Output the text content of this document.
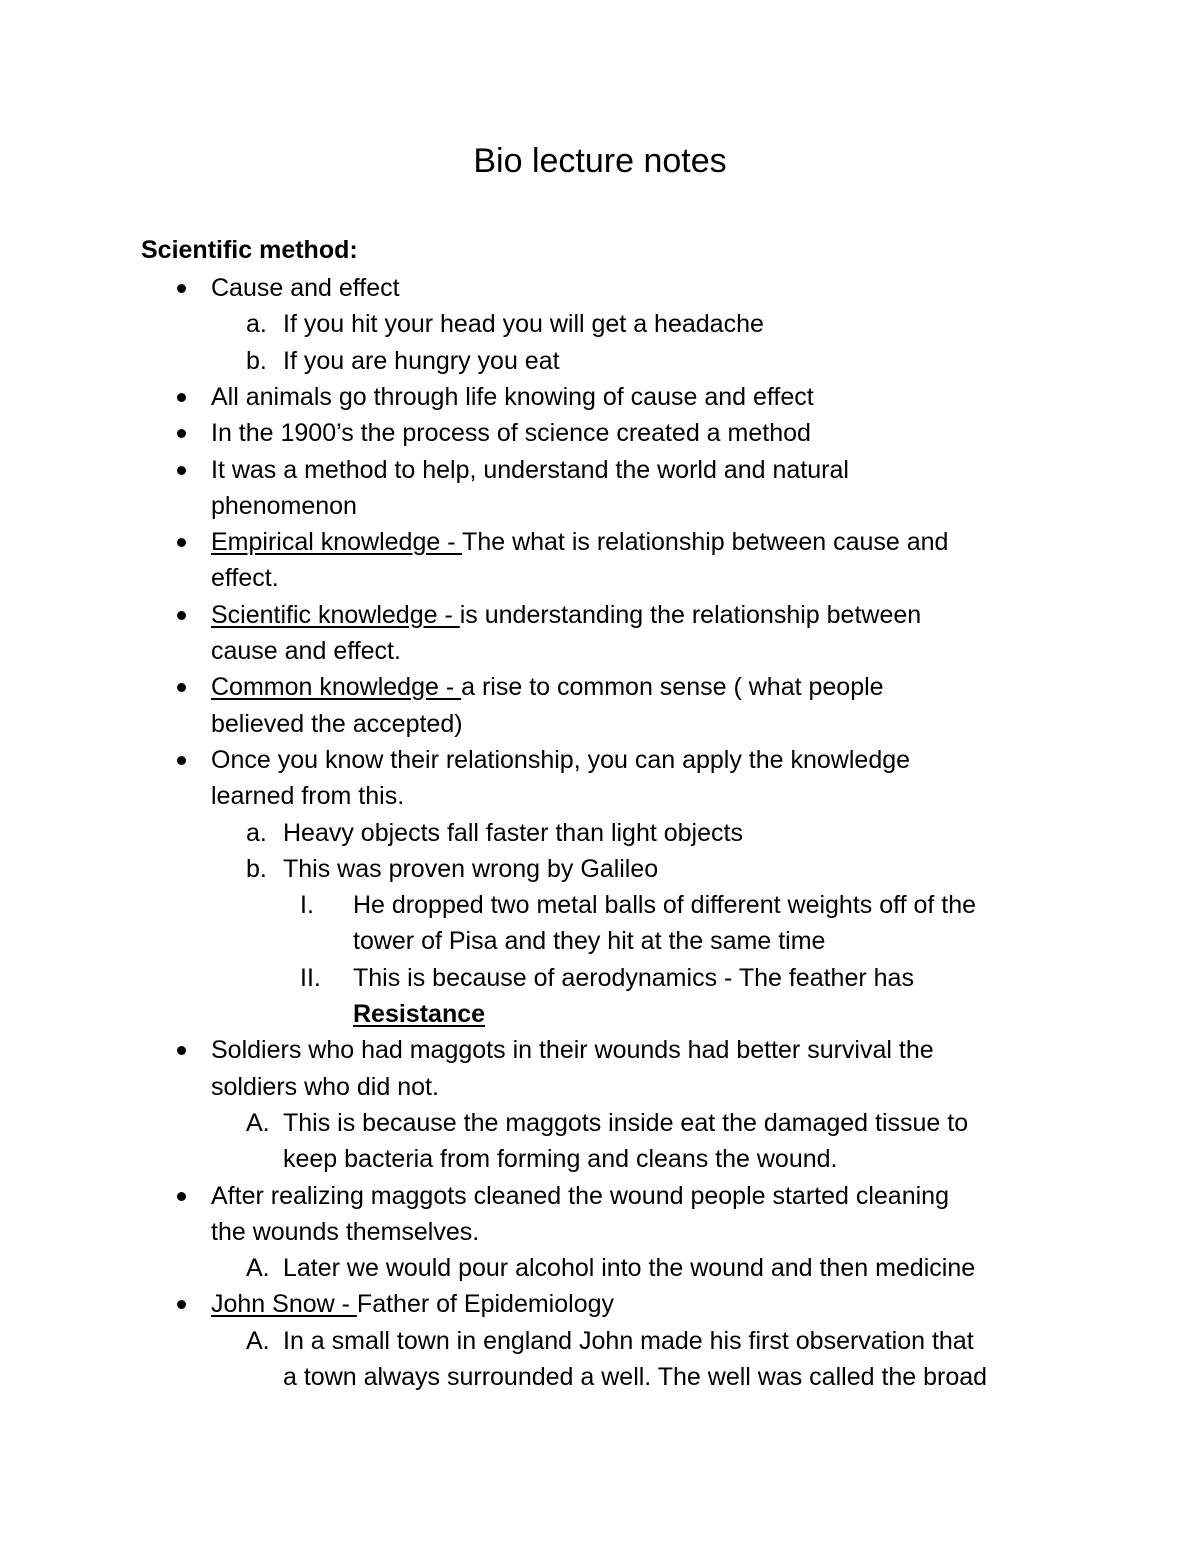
Bio lecture notes
Scientific method:
Cause and effect
a. If you hit your head you will get a headache
b. If you are hungry you eat
All animals go through life knowing of cause and effect
In the 1900’s the process of science created a method
It was a method to help, understand the world and natural
phenomenon
Empirical knowledge - The what is relationship between cause and
effect.
Scientific knowledge - is understanding the relationship between
cause and effect.
Common knowledge - a rise to common sense ( what people
believed the accepted)
Once you know their relationship, you can apply the knowledge
learned from this.
a. Heavy objects fall faster than light objects
b. This was proven wrong by Galileo
I. He dropped two metal balls of different weights off of the
tower of Pisa and they hit at the same time
II. This is because of aerodynamics - The feather has
Resistance
Soldiers who had maggots in their wounds had better survival the
soldiers who did not.
A. This is because the maggots inside eat the damaged tissue to
keep bacteria from forming and cleans the wound.
After realizing maggots cleaned the wound people started cleaning
the wounds themselves.
A. Later we would pour alcohol into the wound and then medicine
John Snow - Father of Epidemiology
A. In a small town in england John made his first observation that
a town always surrounded a well. The well was called the broad
